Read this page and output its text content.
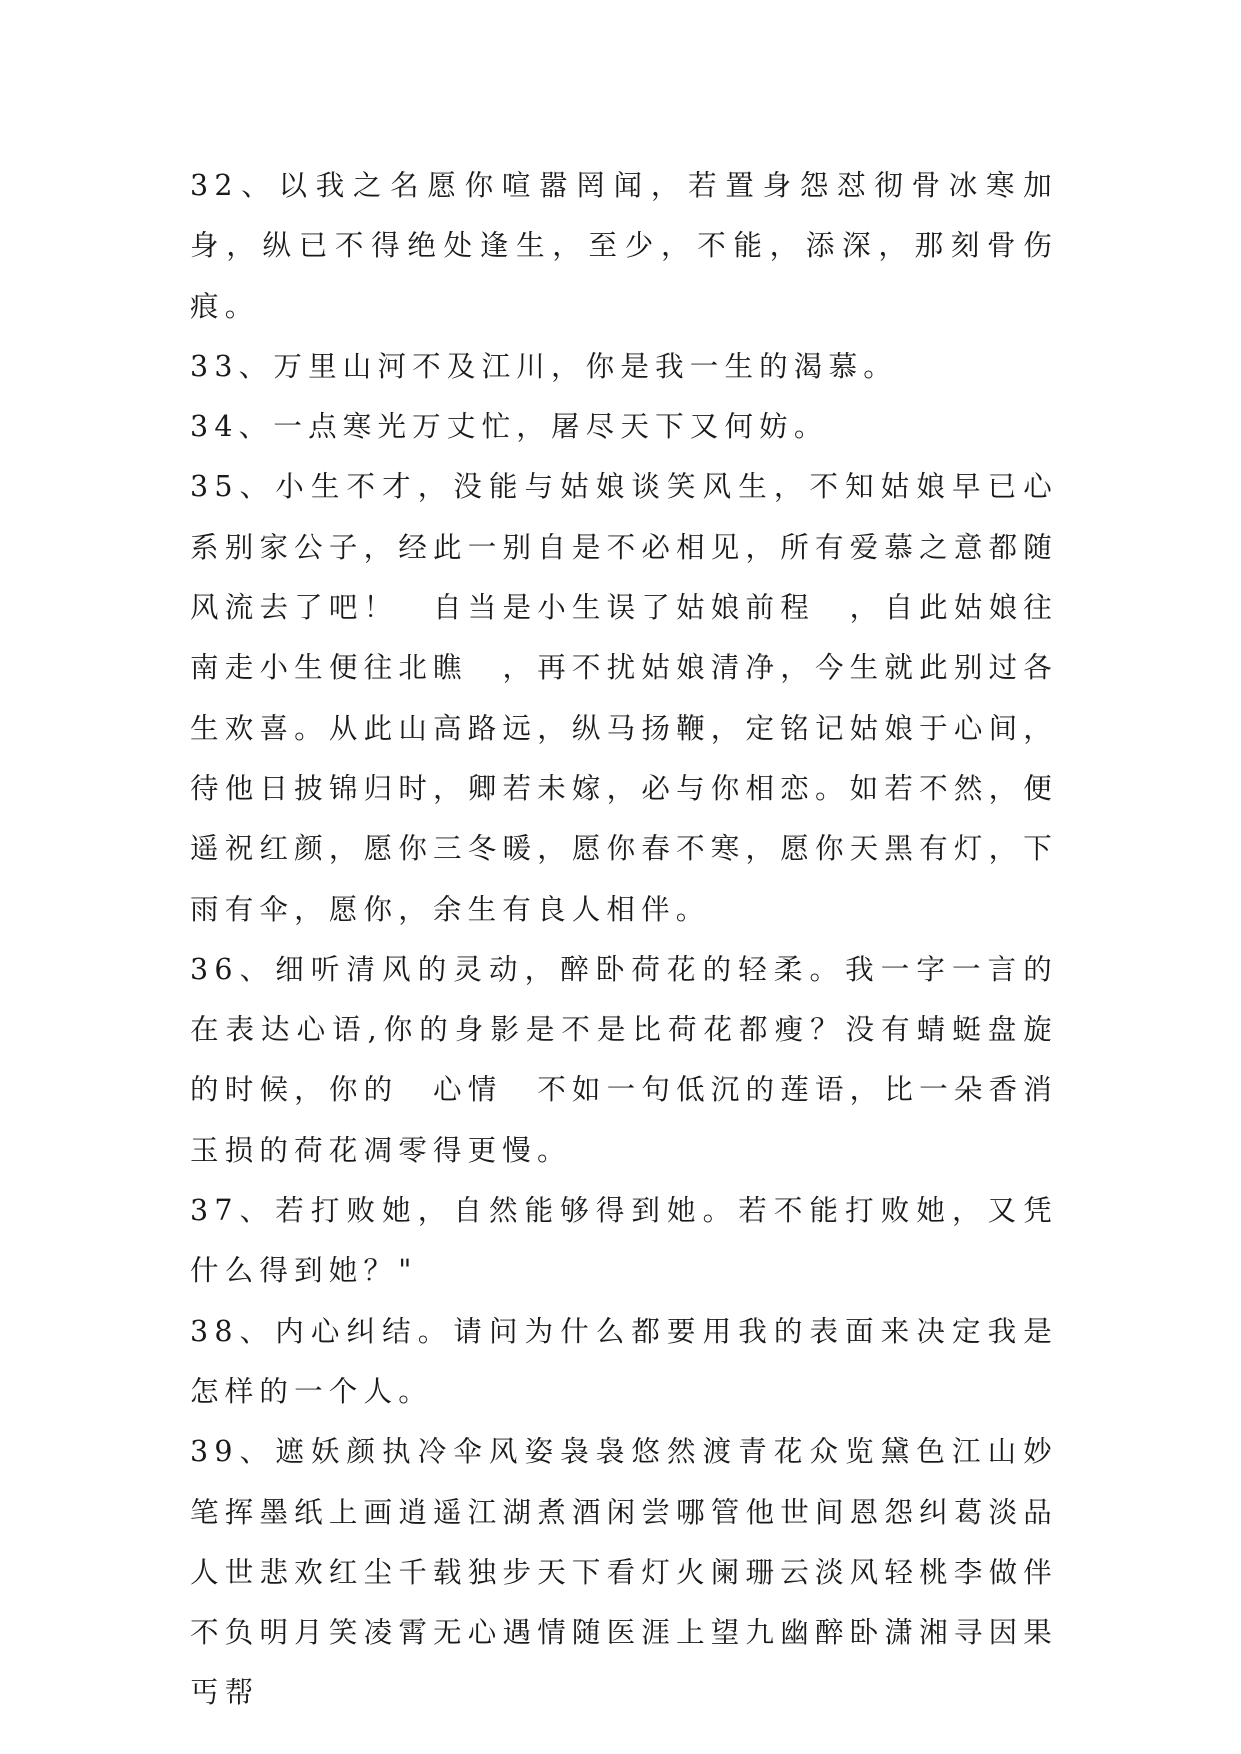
32、以我之名愿你喧嚣罔闻，若置身怨怼彻骨冰寒加身，纵已不得绝处逢生，至少，不能，添深，那刻骨伤痕。

33、万里山河不及江川，你是我一生的渴慕。

34、一点寒光万丈忙，屠尽天下又何妨。

35、小生不才，没能与姑娘谈笑风生，不知姑娘早已心系别家公子，经此一别自是不必相见，所有爱慕之意都随风流去了吧！　自当是小生误了姑娘前程　，自此姑娘往南走小生便往北瞧　，再不扰姑娘清净，今生就此别过各生欢喜。从此山高路远，纵马扬鞭，定铭记姑娘于心间，待他日披锦归时，卿若未嫁，必与你相恋。如若不然，便遥祝红颜，愿你三冬暖，愿你春不寒，愿你天黑有灯，下雨有伞，愿你，余生有良人相伴。

36、细听清风的灵动，醉卧荷花的轻柔。我一字一言的在表达心语,你的身影是不是比荷花都瘦？没有蜻蜓盘旋的时候，你的　心情　不如一句低沉的莲语，比一朵香消玉损的荷花凋零得更慢。

37、若打败她，自然能够得到她。若不能打败她，又凭什么得到她？"

38、内心纠结。请问为什么都要用我的表面来决定我是怎样的一个人。

39、遮妖颜执冷伞风姿袅袅悠然渡青花众览黛色江山妙笔挥墨纸上画逍遥江湖煮酒闲尝哪管他世间恩怨纠葛淡品人世悲欢红尘千载独步天下看灯火阑珊云淡风轻桃李做伴不负明月笑凌霄无心遇情随医涯上望九幽醉卧潇湘寻因果丐帮
